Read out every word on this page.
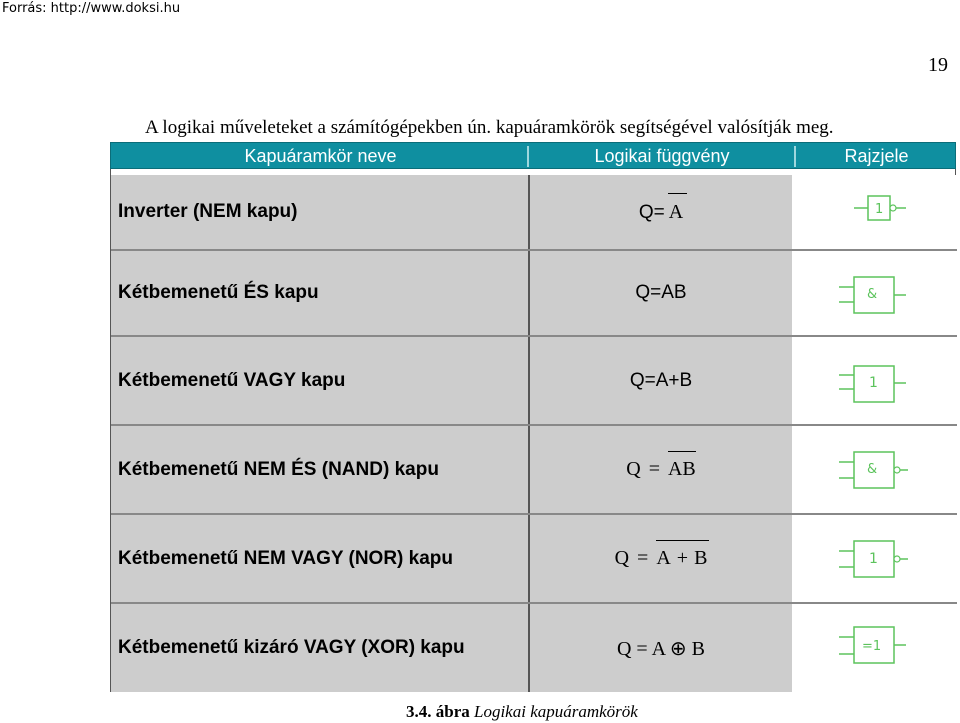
Forrás: http://www.doksi.hu
19
A logikai műveleteket a számítógépekben ún. kapuáramkörök segítségével valósítják meg.
Kapuáramkör neve	Logikai függvény	Rajzjele
Inverter (NEM kapu)	Q= A	1
Kétbemenetű ÉS kapu	Q=AB	&
Kétbemenetű VAGY kapu	Q=A+B	1
Kétbemenetű NEM ÉS (NAND) kapu	Q = AB	&
Kétbemenetű NEM VAGY (NOR) kapu	Q = A + B	1
Kétbemenetű kizáró VAGY (XOR) kapu	Q = A ⊕ B	=1
3.4. ábra Logikai kapuáramkörök
